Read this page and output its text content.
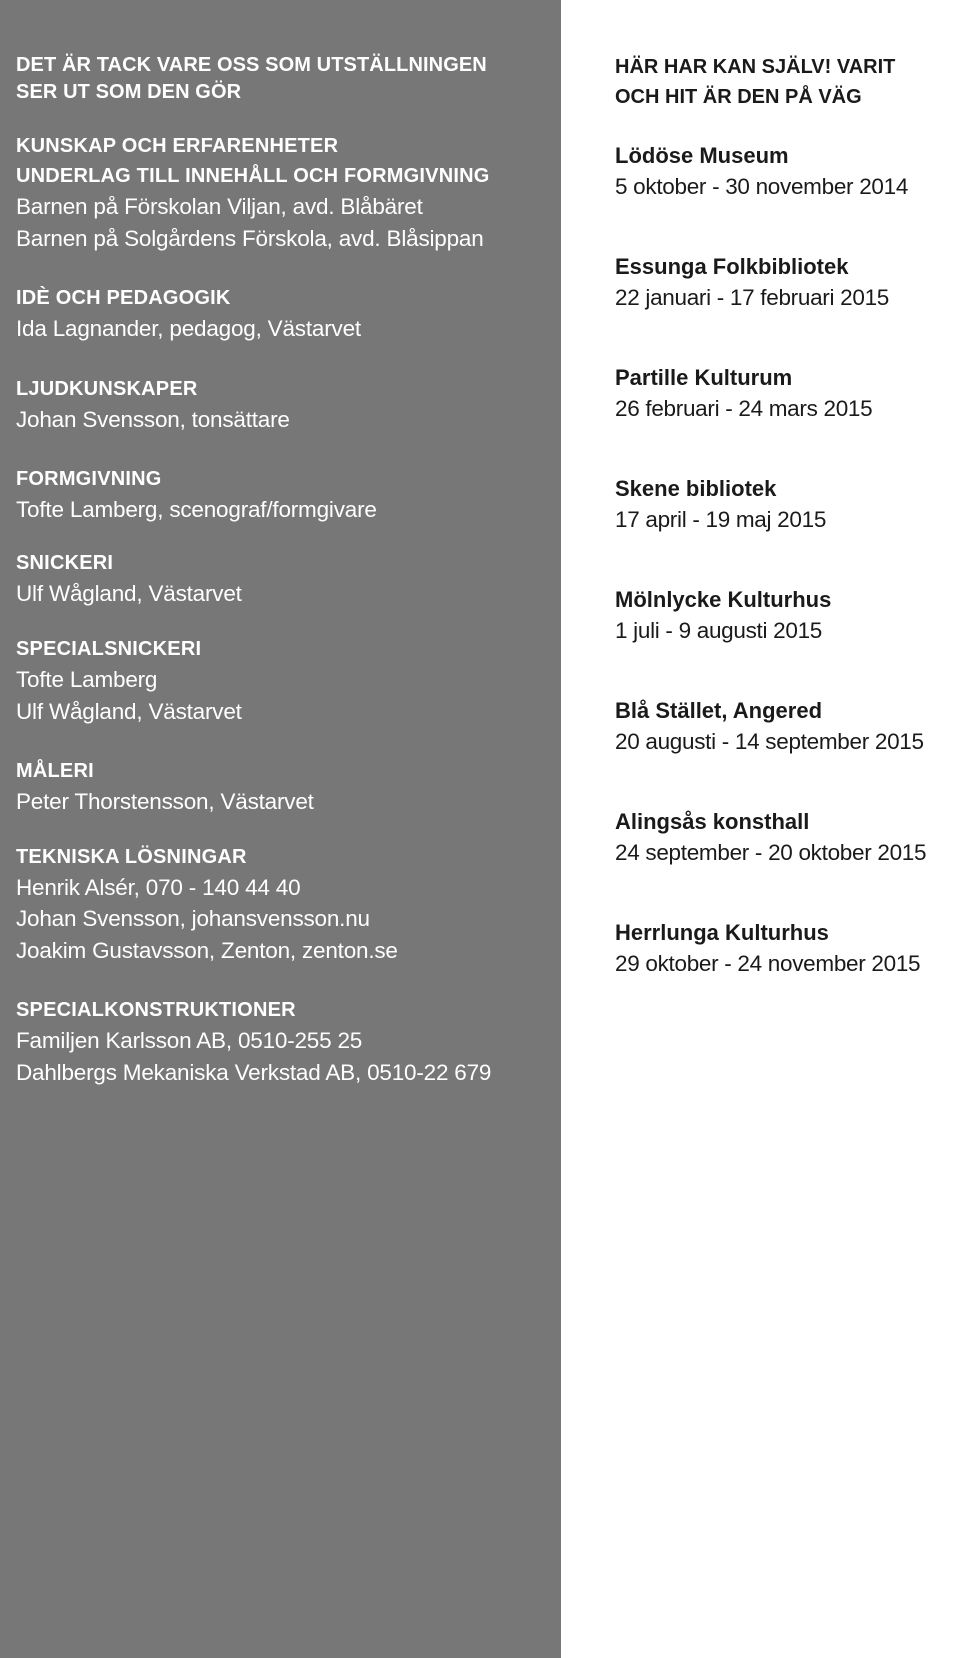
DET ÄR TACK VARE OSS SOM UTSTÄLLNINGEN
SER UT SOM DEN GÖR
KUNSKAP OCH ERFARENHETER
UNDERLAG TILL INNEHÅLL OCH FORMGIVNING
Barnen på Förskolan Viljan, avd. Blåbäret
Barnen på Solgårdens Förskola, avd. Blåsippan
IDÈ OCH PEDAGOGIK
Ida Lagnander, pedagog, Västarvet
LJUDKUNSKAPER
Johan Svensson, tonsättare
FORMGIVNING
Tofte Lamberg, scenograf/formgivare
SNICKERI
Ulf Wågland, Västarvet
SPECIALSNICKERI
Tofte Lamberg
Ulf Wågland, Västarvet
MÅLERI
Peter Thorstensson, Västarvet
TEKNISKA LÖSNINGAR
Henrik Alsér, 070 - 140 44 40
Johan Svensson, johansvensson.nu
Joakim Gustavsson, Zenton, zenton.se
SPECIALKONSTRUKTIONER
Familjen Karlsson AB, 0510-255 25
Dahlbergs Mekaniska Verkstad AB, 0510-22 679
HÄR HAR KAN SJÄLV! VARIT
OCH HIT ÄR DEN PÅ VÄG
Lödöse Museum
5 oktober - 30 november 2014
Essunga Folkbibliotek
22 januari - 17 februari 2015
Partille Kulturum
26 februari - 24 mars 2015
Skene bibliotek
17 april - 19 maj 2015
Mölnlycke Kulturhus
1 juli - 9 augusti 2015
Blå Stället, Angered
20 augusti - 14 september 2015
Alingsås konsthall
24 september - 20 oktober 2015
Herrlunga Kulturhus
29 oktober - 24 november 2015
